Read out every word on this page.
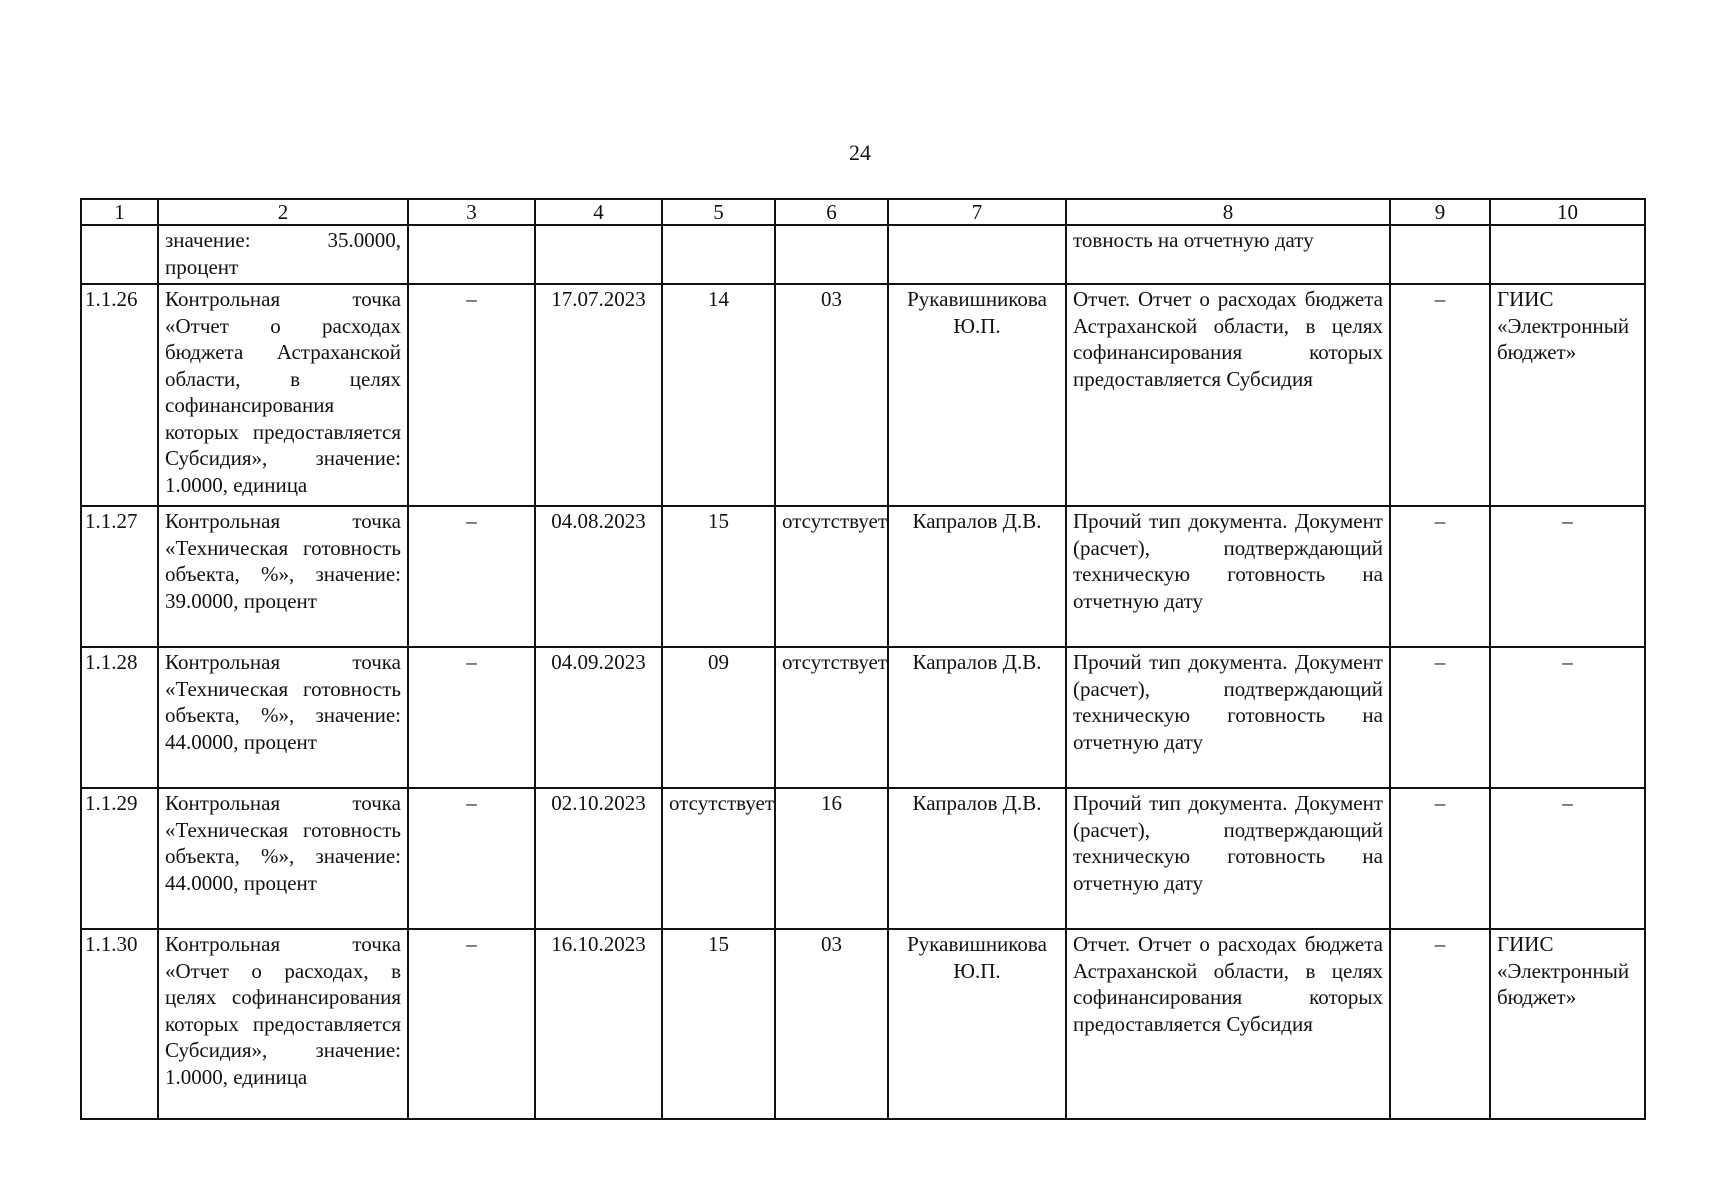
24
1	2	3	4	5	6	7	8	9	10
	значение: 35.0000, процент						товность на отчетную дату		
1.1.26	Контрольная точка «Отчет о расходах бюджета Астраханской области, в целях софинансирования которых предоставляется Субсидия», значение: 1.0000, единица	–	17.07.2023	14	03	Рукавишникова Ю.П.	Отчет. Отчет о расходах бюджета Астраханской области, в целях софинансирования которых предоставляется Субсидия	–	ГИИС «Электронный бюджет»
1.1.27	Контрольная точка «Техническая готовность объекта, %», значение: 39.0000, процент	–	04.08.2023	15	отсутствует	Капралов Д.В.	Прочий тип документа. Документ (расчет), подтверждающий техническую готовность на отчетную дату	–	–
1.1.28	Контрольная точка «Техническая готовность объекта, %», значение: 44.0000, процент	–	04.09.2023	09	отсутствует	Капралов Д.В.	Прочий тип документа. Документ (расчет), подтверждающий техническую готовность на отчетную дату	–	–
1.1.29	Контрольная точка «Техническая готовность объекта, %», значение: 44.0000, процент	–	02.10.2023	отсутствует	16	Капралов Д.В.	Прочий тип документа. Документ (расчет), подтверждающий техническую готовность на отчетную дату	–	–
1.1.30	Контрольная точка «Отчет о расходах, в целях софинансирования которых предоставляется Субсидия», значение: 1.0000, единица	–	16.10.2023	15	03	Рукавишникова Ю.П.	Отчет. Отчет о расходах бюджета Астраханской области, в целях софинансирования которых предоставляется Субсидия	–	ГИИС «Электронный бюджет»
